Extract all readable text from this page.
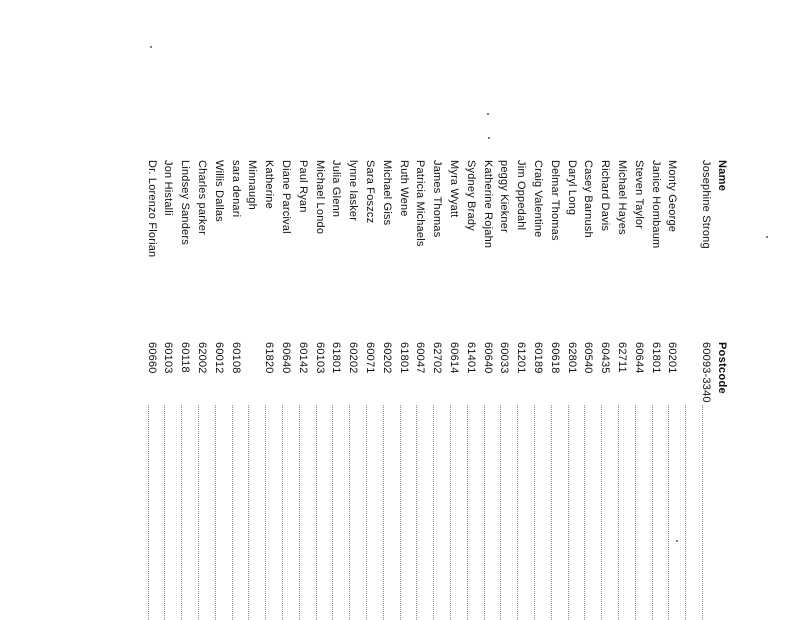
Name
Postcode
Josephine Strong
60093-3340
Monty George
60201
Janice Hombaum
61801
Steven Taylor
60644
Michael Hayes
62711
Richard Davis
60435
Casey Barnush
60540
Daryl Long
62801
Delmar Thomas
60618
Craig Valentine
60189
Jim Oppedahl
61201
peggy Kiekner
60033
Katherine Rojahn
60640
Sydney Brady
61401
Myra Wyatt
60614
James Thomas
62702
Patricia Michaels
60047
Ruth Wene
61801
Michael Giss
60202
Sara Foszcz
60071
lynne lasker
60202
Julia Glenn
61801
Michael Londo
60103
Paul Ryan
60142
Diane Parcival
60640
Katherine
61820
Minnaugh
sara denari
60108
Willis Dallas
60012
Charles parker
62002
Lindsey Sanders
60118
Jon Histalli
60103
Dr. Lorenzo Florian
60660
